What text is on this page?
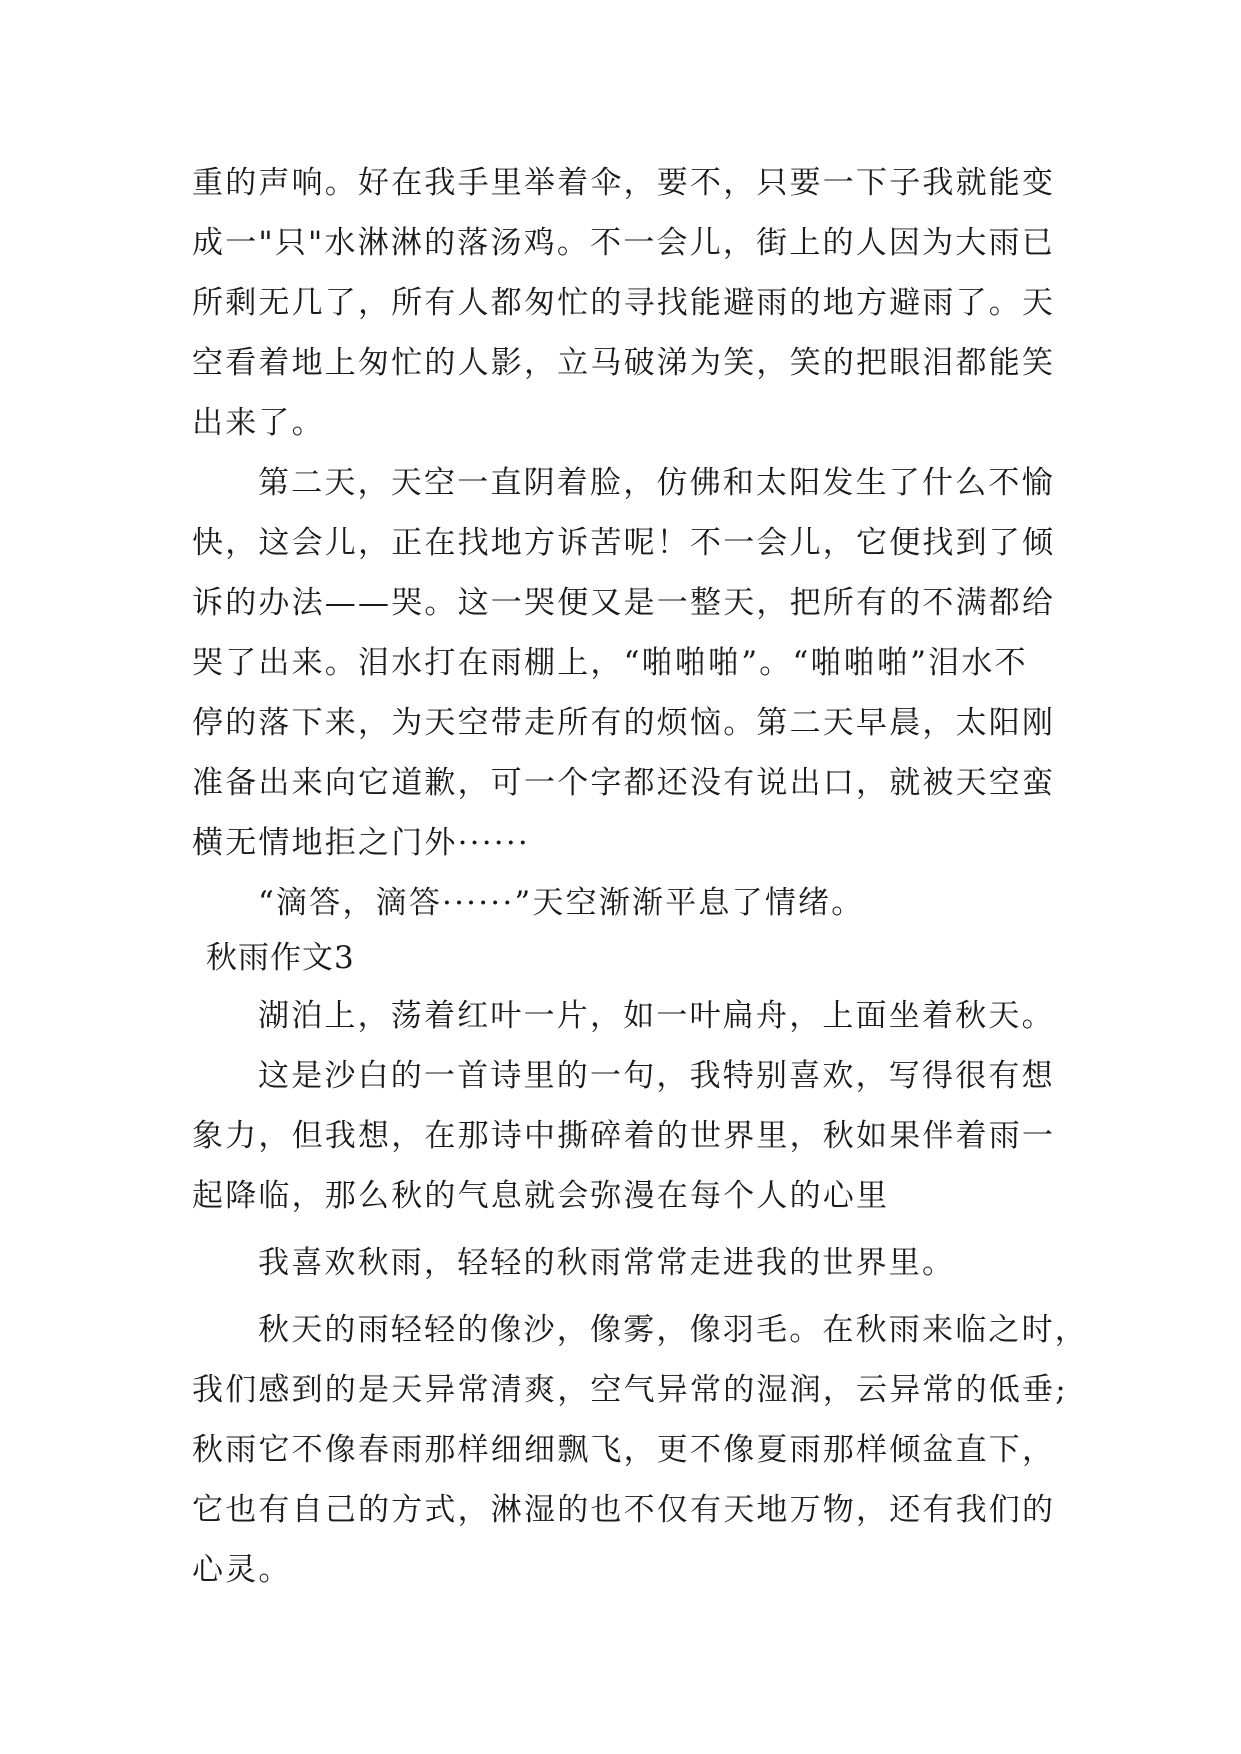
重的声响。好在我手里举着伞，要不，只要一下子我就能变
成一"只"水淋淋的落汤鸡。不一会儿，街上的人因为大雨已
所剩无几了，所有人都匆忙的寻找能避雨的地方避雨了。天
空看着地上匆忙的人影，立马破涕为笑，笑的把眼泪都能笑
出来了。
第二天，天空一直阴着脸，仿佛和太阳发生了什么不愉
快，这会儿，正在找地方诉苦呢！不一会儿，它便找到了倾
诉的办法——哭。这一哭便又是一整天，把所有的不满都给
哭了出来。泪水打在雨棚上，“啪啪啪”。“啪啪啪”泪水不
停的落下来，为天空带走所有的烦恼。第二天早晨，太阳刚
准备出来向它道歉，可一个字都还没有说出口，就被天空蛮
横无情地拒之门外······
“滴答，滴答······”天空渐渐平息了情绪。
秋雨作文3
湖泊上，荡着红叶一片，如一叶扁舟，上面坐着秋天。
这是沙白的一首诗里的一句，我特别喜欢，写得很有想
象力，但我想，在那诗中撕碎着的世界里，秋如果伴着雨一
起降临，那么秋的气息就会弥漫在每个人的心里
我喜欢秋雨，轻轻的秋雨常常走进我的世界里。
秋天的雨轻轻的像沙，像雾，像羽毛。在秋雨来临之时，
我们感到的是天异常清爽，空气异常的湿润，云异常的低垂;
秋雨它不像春雨那样细细飘飞，更不像夏雨那样倾盆直下，
它也有自己的方式，淋湿的也不仅有天地万物，还有我们的
心灵。
